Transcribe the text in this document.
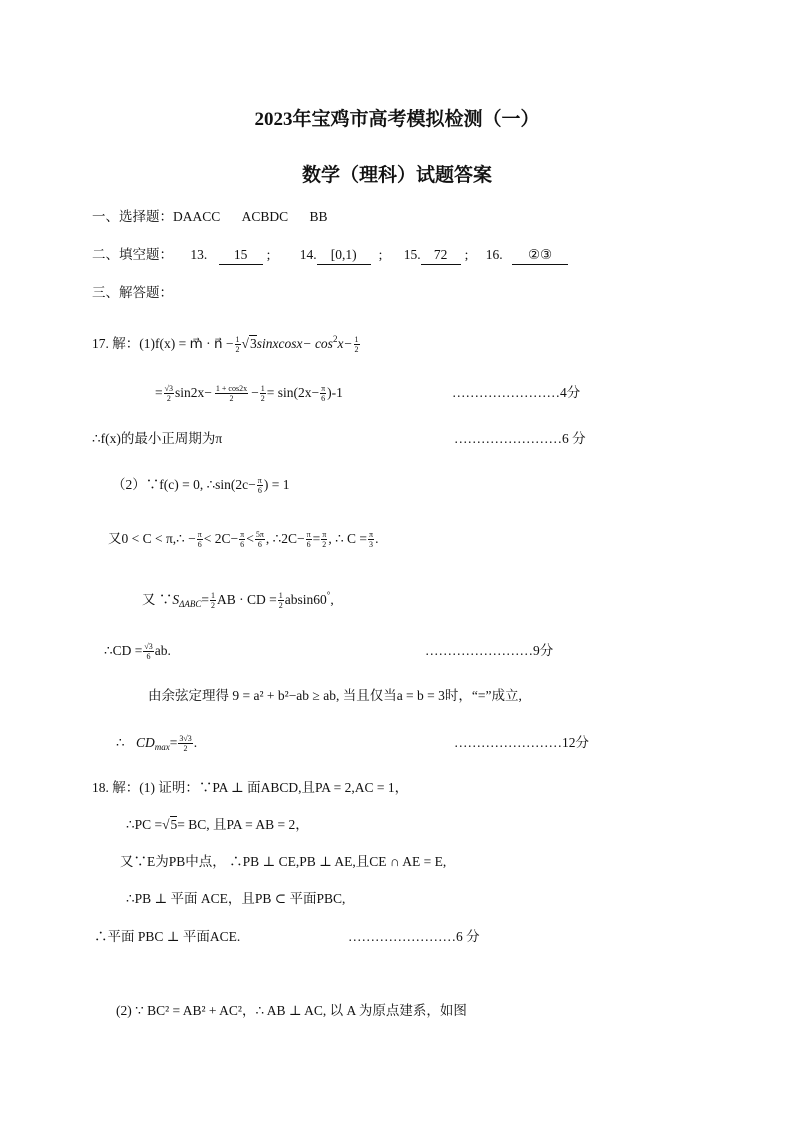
2023年宝鸡市高考模拟检测（一）
数学（理科）试题答案
一、选择题：DAACC ACBDC BB
二、填空题： 13. 15 ; 14. [0,1) ; 15. 72 ; 16. ②③
三、解答题：
17. 解：(1)f(x) = m⃗ · n⃗ − $\frac{1}{2}$ √3sinxcosx− $\cos^2x- \frac{1}{2}$
= $\frac{√3}{2} \sin 2x- \frac{1 + \cos 2x}{2} - \frac{1}{2} = \sin(2x- \frac{\pi}{6} )-1$	……………………4分
∴f(x)的最小正周期为π	……………………6 分
（2）∵f(c) = 0, ∴sin(2c− $\frac{\pi}{6}$ ) = 1
又0 < C < π,∴ − $\frac{\pi}{6} < 2C- \frac{\pi}{6} < \frac{5\pi}{6}$ , ∴2C− $\frac{\pi}{6} = \frac{\pi}{2}$ , ∴ $C = \frac{\pi}{3}$ .
又 $\because S_{\Delta ABC}= \frac{1}{2}$ AB · CD = $\frac{1}{2} absin60^\circ$,
∴CD = $\frac{√3}{6}$ ab.	……………………9分
由余弦定理得 9 = a² + b²−ab ≥ ab, 当且仅当a = b = 3时，“=”成立,
∴ $CD_{max}= \frac{3√3}{2}$ .	……………………12分
18. 解：(1) 证明：∵PA ⊥ 面ABCD,且PA = 2,AC = 1，
∴PC =√5= BC, 且PA = AB = 2，
又∵E为PB中点， ∴PB ⊥ CE,PB ⊥ AE,且CE ∩ AE = E,
∴PB ⊥ 平面 ACE，且PB ⊂ 平面PBC,
∴平面 PBC ⊥ 平面ACE.	……………………6 分
(2) ∵ BC² = AB² + AC²，∴ AB ⊥ AC, 以 A 为原点建系，如图
